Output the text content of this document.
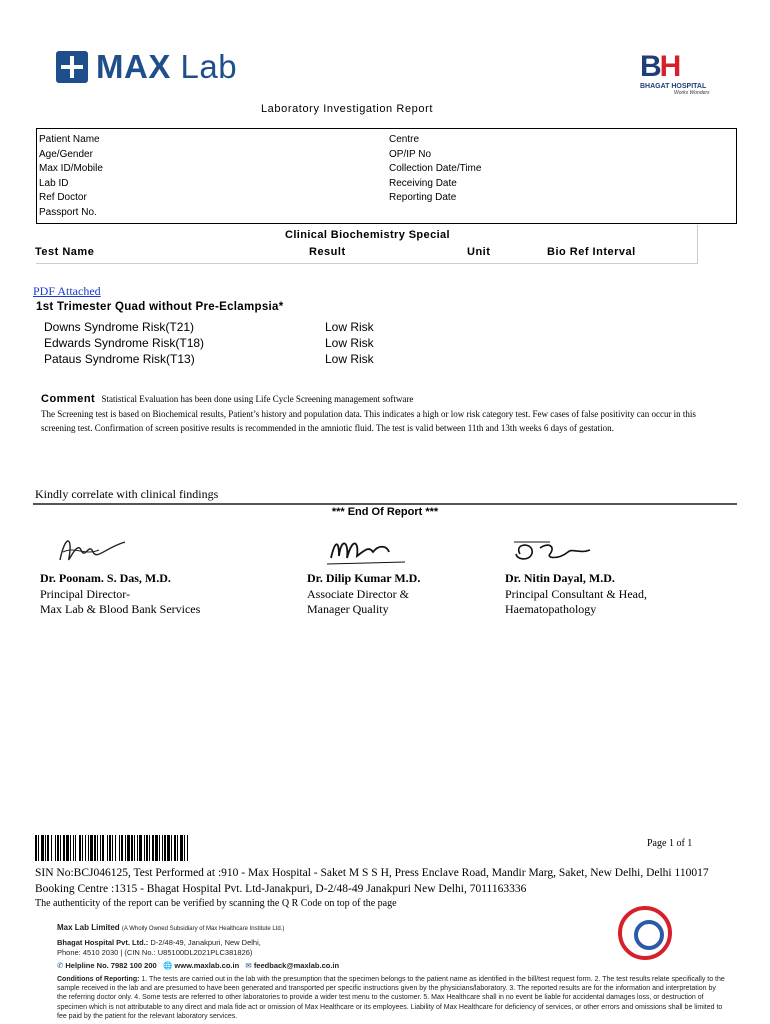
MAX Lab	BH
BHAGAT HOSPITAL
Works Wonders
Laboratory Investigation Report
Patient Name
Age/Gender
Max ID/Mobile
Lab ID
Ref Doctor
Passport No.
Centre
OP/IP No
Collection Date/Time
Receiving Date
Reporting Date
Clinical Biochemistry Special
Test Name	Result	Unit	Bio Ref Interval
PDF Attached
1st Trimester Quad without Pre-Eclampsia*
Downs Syndrome Risk(T21)	Low Risk
Edwards Syndrome Risk(T18)	Low Risk
Pataus Syndrome Risk(T13)	Low Risk
Comment Statistical Evaluation has been done using Life Cycle Screening management software
The Screening test is based on Biochemical results, Patient’s history and population data. This indicates a high or low risk category test. Few cases of false positivity can occur in this screening test. Confirmation of screen positive results is recommended in the amniotic fluid. The test is valid between 11th and 13th weeks 6 days of gestation.
Kindly correlate with clinical findings
*** End Of Report ***
Dr. Poonam. S. Das, M.D.
Principal Director-
Max Lab & Blood Bank Services
Dr. Dilip Kumar M.D.
Associate Director &
Manager Quality
Dr. Nitin Dayal, M.D.
Principal Consultant & Head,
Haematopathology
Page 1 of 1
SIN No:BCJ046125, Test Performed at :910 - Max Hospital - Saket M S S H, Press Enclave Road, Mandir Marg, Saket, New Delhi, Delhi 110017
Booking Centre :1315 - Bhagat Hospital Pvt. Ltd-Janakpuri, D-2/48-49 Janakpuri New Delhi, 7011163336
The authenticity of the report can be verified by scanning the Q R Code on top of the page
Max Lab Limited (A Wholly Owned Subsidiary of Max Healthcare Institute Ltd.)
Bhagat Hospital Pvt. Ltd.: D-2/48-49, Janakpuri, New Delhi,
Phone: 4510 2030 | (CIN No.: U85100DL2021PLC381826)
✆ Helpline No. 7982 100 200 🌐 www.maxlab.co.in ✉ feedback@maxlab.co.in
Conditions of Reporting: 1. The tests are carried out in the lab with the presumption that the specimen belongs to the patient name as identified in the bill/test request form. 2. The test results relate specifically to the sample received in the lab and are presumed to have been generated and transported per specific instructions given by the physicians/laboratory. 3. The reported results are for the information and interpretation by the referring doctor only. 4. Some tests are referred to other laboratories to provide a wider test menu to the customer. 5. Max Healthcare shall in no event be liable for accidental damages loss, or destruction of specimen which is not attributable to any direct and mala fide act or omission of Max Healthcare or its employees. Liability of Max Healthcare for deficiency of services, or other errors and omissions shall be limited to fee paid by the patient for the relevant laboratory services.
